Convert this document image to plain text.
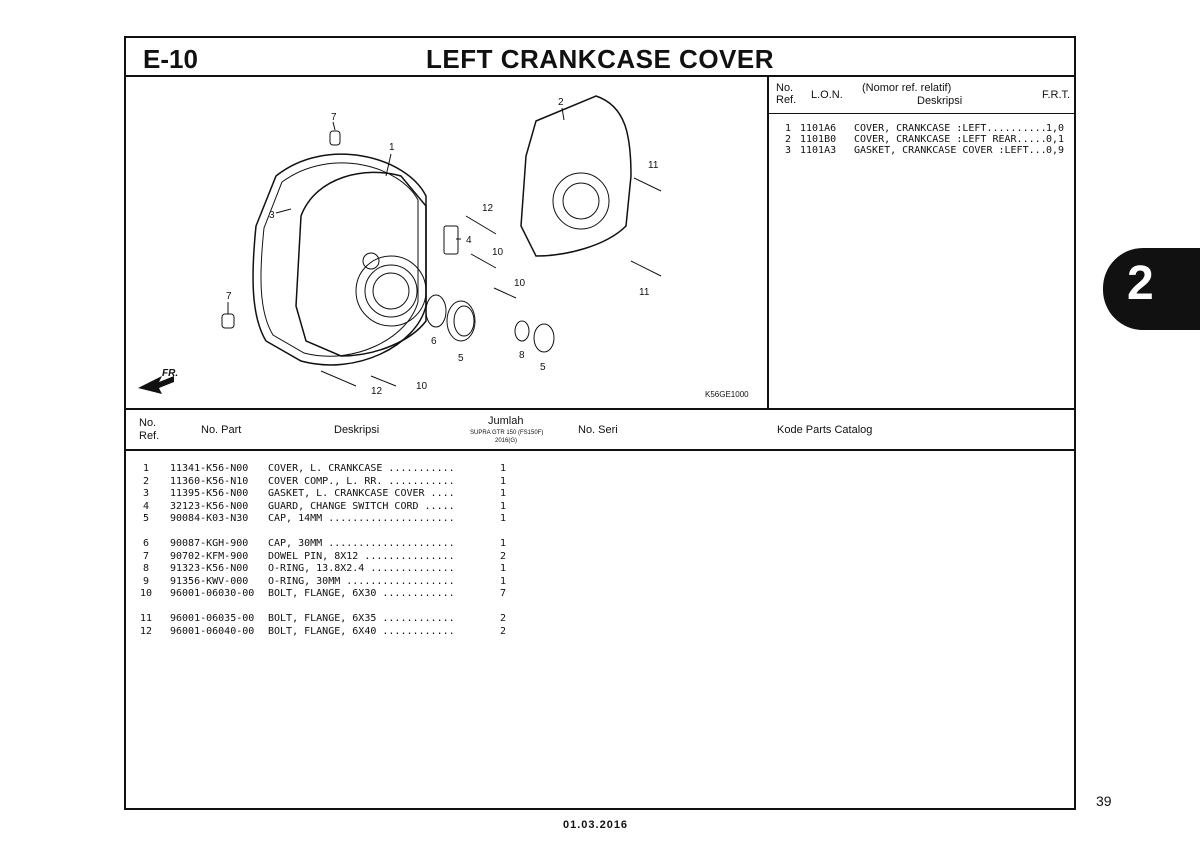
E-10	LEFT CRANKCASE COVER
FR.
7
1
2
3
11
12
4
10
10
11
7
6
5	8
5
12	10
K56GE1000
No.
Ref. L.O.N.
(Nomor ref. relatif)
Deskripsi	F.R.T.
1 1101A6	COVER, CRANKCASE :LEFT.......... 1,0
2 1101B0	COVER, CRANKCASE :LEFT REAR..... 0,1
3 1101A3	GASKET, CRANKCASE COVER :LEFT... 0,9
No.
Ref.	No. Part	Deskripsi
Jumlah
SUPRA GTR 150 (FS150F)
2016(G)
No. Seri	Kode Parts Catalog
1	11341-K56-N00	COVER, L. CRANKCASE ...........	1
2	11360-K56-N10	COVER COMP., L. RR. ...........	1
3	11395-K56-N00	GASKET, L. CRANKCASE COVER ....	1
4	32123-K56-N00	GUARD, CHANGE SWITCH CORD .....	1
5	90084-K03-N30	CAP, 14MM .....................	1
6	90087-KGH-900	CAP, 30MM .....................	1
7	90702-KFM-900	DOWEL PIN, 8X12 ...............	2
8	91323-K56-N00	O-RING, 13.8X2.4 ..............	1
9	91356-KWV-000	O-RING, 30MM ..................	1
10	96001-06030-00	BOLT, FLANGE, 6X30 ............	7
11	96001-06035-00	BOLT, FLANGE, 6X35 ............	2
12	96001-06040-00	BOLT, FLANGE, 6X40 ............	2
2
39
01.03.2016
